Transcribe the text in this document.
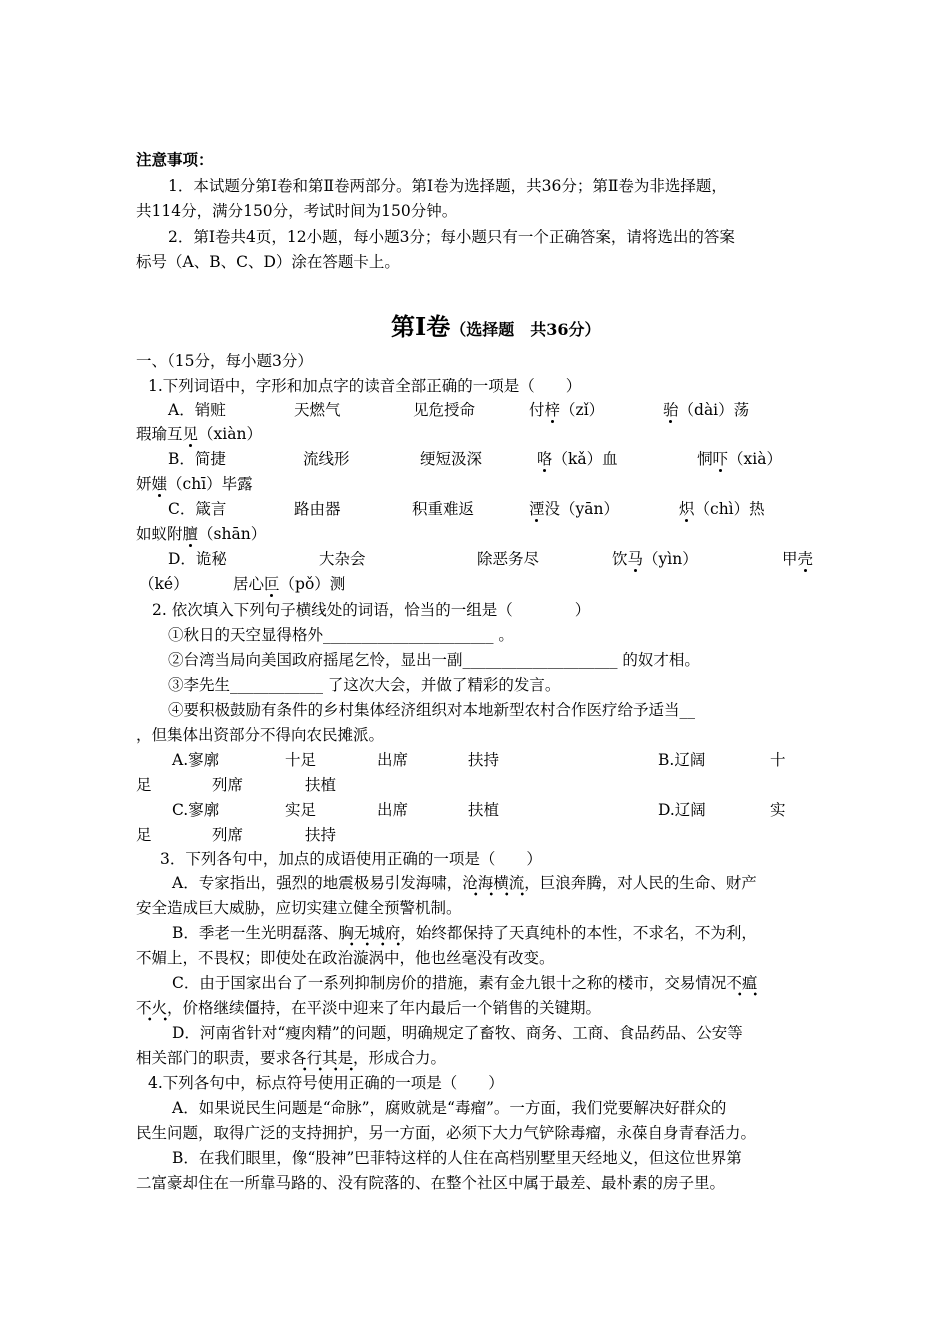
注意事项：
1．本试题分第Ⅰ卷和第Ⅱ卷两部分。第Ⅰ卷为选择题，共36分；第Ⅱ卷为非选择题，
共114分，满分150分，考试时间为150分钟。
2．第Ⅰ卷共4页，12小题，每小题3分；每小题只有一个正确答案，请将选出的答案
标号（A、B、C、D）涂在答题卡上。
第Ⅰ卷（选择题　共36分）
一、（15分，每小题3分）
1.下列词语中，字形和加点字的读音全部正确的一项是（　　）
A．销赃	天燃气	见危授命	付梓（zǐ）	骀（dài）荡
瑕瑜互见（xiàn）
B．简捷	流线形	绠短汲深	咯（kǎ）血	恫吓（xià）
妍媸（chī）毕露
C．箴言	路由器	积重难返	湮没（yān）	炽（chì）热
如蚁附膻（shān）
D．诡秘	大杂会	除恶务尽	饮马（yìn）	甲壳
（ké）	居心叵（pǒ）测
2. 依次填入下列句子横线处的词语，恰当的一组是（　　　　）
①秋日的天空显得格外______________________ 。
②台湾当局向美国政府摇尾乞怜，显出一副____________________ 的奴才相。
③李先生____________ 了这次大会，并做了精彩的发言。
④要积极鼓励有条件的乡村集体经济组织对本地新型农村合作医疗给予适当__
，但集体出资部分不得向农民摊派。
A.寥廓	十足	出席	扶持	B.辽阔	十
足	列席	扶植
C.寥廓	实足	出席	扶植	D.辽阔	实
足	列席	扶持
3．下列各句中，加点的成语使用正确的一项是（　　）
A．专家指出，强烈的地震极易引发海啸，沧海横流，巨浪奔腾，对人民的生命、财产
安全造成巨大威胁，应切实建立健全预警机制。
B．季老一生光明磊落、胸无城府，始终都保持了天真纯朴的本性，不求名，不为利，
不媚上，不畏权；即使处在政治漩涡中，他也丝毫没有改变。
C．由于国家出台了一系列抑制房价的措施，素有金九银十之称的楼市，交易情况不瘟
不火，价格继续僵持，在平淡中迎来了年内最后一个销售的关键期。
D．河南省针对“瘦肉精”的问题，明确规定了畜牧、商务、工商、食品药品、公安等
相关部门的职责，要求各行其是，形成合力。
4.下列各句中，标点符号使用正确的一项是（　　）
A．如果说民生问题是“命脉”，腐败就是“毒瘤”。一方面，我们党要解决好群众的
民生问题，取得广泛的支持拥护，另一方面，必须下大力气铲除毒瘤，永葆自身青春活力。
B．在我们眼里，像“股神”巴菲特这样的人住在高档别墅里天经地义，但这位世界第
二富豪却住在一所靠马路的、没有院落的、在整个社区中属于最差、最朴素的房子里。
